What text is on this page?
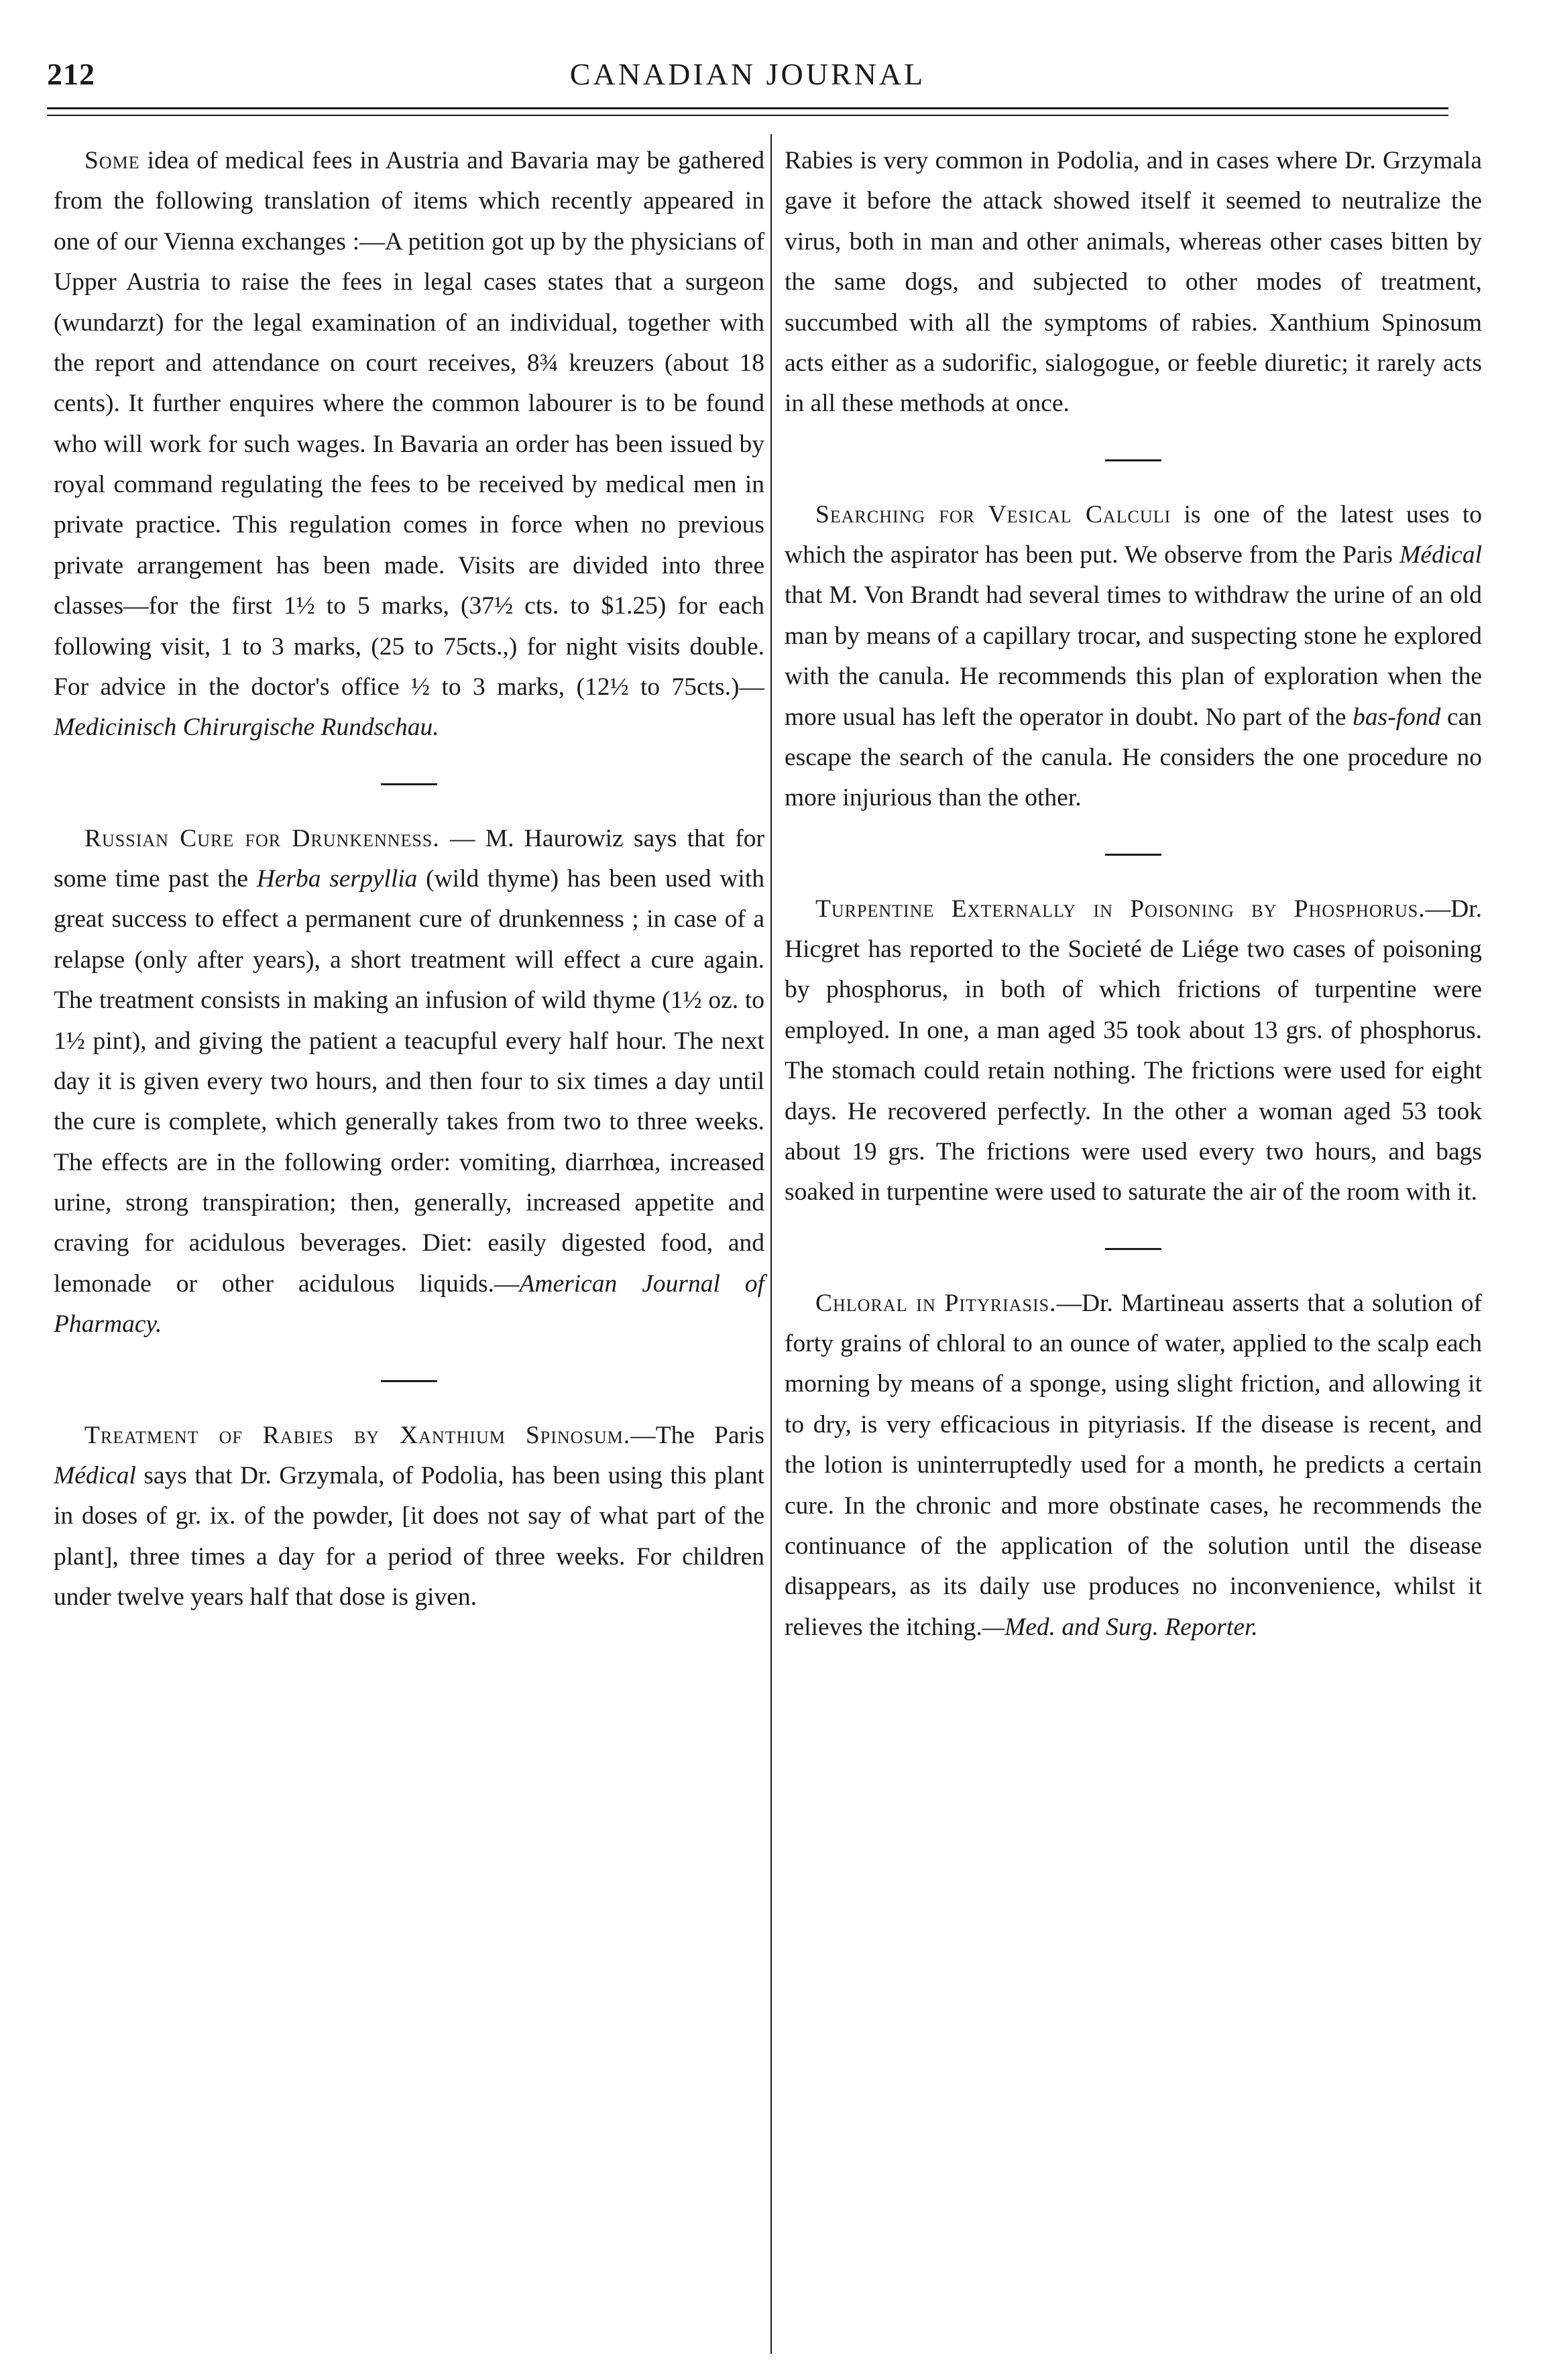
212	CANADIAN JOURNAL

Some idea of medical fees in Austria and Bavaria may be gathered from the following translation of items which recently appeared in one of our Vienna exchanges :—A petition got up by the physicians of Upper Austria to raise the fees in legal cases states that a surgeon (wundarzt) for the legal examination of an individual, together with the report and attendance on court receives, 8¾ kreuzers (about 18 cents). It further enquires where the common labourer is to be found who will work for such wages. In Bavaria an order has been issued by royal command regulating the fees to be received by medical men in private practice. This regulation comes in force when no previous private arrangement has been made. Visits are divided into three classes—for the first 1½ to 5 marks, (37½ cts. to $1.25) for each following visit, 1 to 3 marks, (25 to 75cts.,) for night visits double. For advice in the doctor's office ½ to 3 marks, (12½ to 75cts.)—Medicinisch Chirurgische Rundschau.

Russian Cure for Drunkenness. — M. Haurowiz says that for some time past the Herba serpyllia (wild thyme) has been used with great success to effect a permanent cure of drunkenness ; in case of a relapse (only after years), a short treatment will effect a cure again. The treatment consists in making an infusion of wild thyme (1½ oz. to 1½ pint), and giving the patient a teacupful every half hour. The next day it is given every two hours, and then four to six times a day until the cure is complete, which generally takes from two to three weeks. The effects are in the following order: vomiting, diarrhœa, increased urine, strong transpiration; then, generally, increased appetite and craving for acidulous beverages. Diet: easily digested food, and lemonade or other acidulous liquids.—American Journal of Pharmacy.

Treatment of Rabies by Xanthium Spinosum.—The Paris Médical says that Dr. Grzymala, of Podolia, has been using this plant in doses of gr. ix. of the powder, [it does not say of what part of the plant], three times a day for a period of three weeks. For children under twelve years half that dose is given.

Rabies is very common in Podolia, and in cases where Dr. Grzymala gave it before the attack showed itself it seemed to neutralize the virus, both in man and other animals, whereas other cases bitten by the same dogs, and subjected to other modes of treatment, succumbed with all the symptoms of rabies. Xanthium Spinosum acts either as a sudorific, sialogogue, or feeble diuretic; it rarely acts in all these methods at once.

Searching for Vesical Calculi is one of the latest uses to which the aspirator has been put. We observe from the Paris Médical that M. Von Brandt had several times to withdraw the urine of an old man by means of a capillary trocar, and suspecting stone he explored with the canula. He recommends this plan of exploration when the more usual has left the operator in doubt. No part of the bas-fond can escape the search of the canula. He considers the one procedure no more injurious than the other.

Turpentine Externally in Poisoning by Phosphorus.—Dr. Hicgret has reported to the Societé de Liége two cases of poisoning by phosphorus, in both of which frictions of turpentine were employed. In one, a man aged 35 took about 13 grs. of phosphorus. The stomach could retain nothing. The frictions were used for eight days. He recovered perfectly. In the other a woman aged 53 took about 19 grs. The frictions were used every two hours, and bags soaked in turpentine were used to saturate the air of the room with it.

Chloral in Pityriasis.—Dr. Martineau asserts that a solution of forty grains of chloral to an ounce of water, applied to the scalp each morning by means of a sponge, using slight friction, and allowing it to dry, is very efficacious in pityriasis. If the disease is recent, and the lotion is uninterruptedly used for a month, he predicts a certain cure. In the chronic and more obstinate cases, he recommends the continuance of the application of the solution until the disease disappears, as its daily use produces no inconvenience, whilst it relieves the itching.—Med. and Surg. Reporter.
